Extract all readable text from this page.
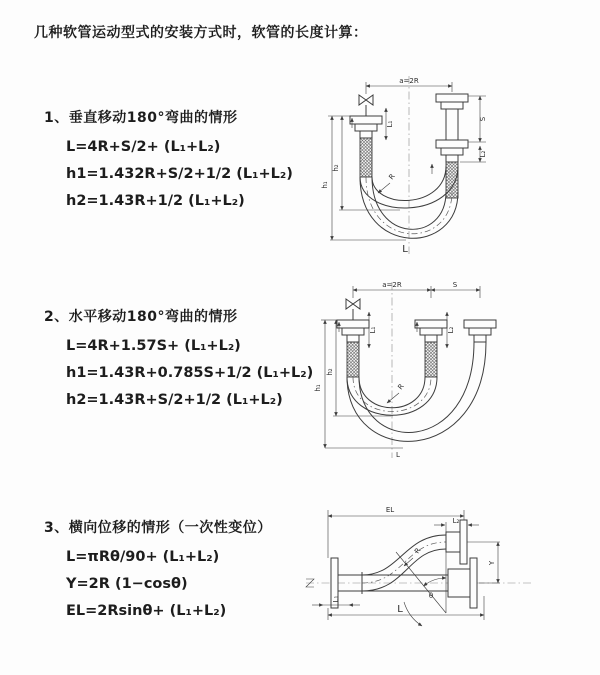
几种软管运动型式的安装方式时，软管的长度计算：
1、垂直移动180°弯曲的情形
L=4R+S/2+ (L₁+L₂)
h1=1.432R+S/2+1/2 (L₁+L₂)
h2=1.43R+1/2 (L₁+L₂)
2、水平移动180°弯曲的情形
L=4R+1.57S+ (L₁+L₂)
h1=1.43R+0.785S+1/2 (L₁+L₂)
h2=1.43R+S/2+1/2 (L₁+L₂)
3、横向位移的情形（一次性变位）
L=πRθ/90+ (L₁+L₂)
Y=2R (1−cosθ)
EL=2Rsinθ+ (L₁+L₂)
a=2R
h₁
h₂
L₁
R
L
S
L₂
a=2R	S
h₁
h₂
L₁	L₂
R
L
EL
L₂
Y
L
L₁
R
θ
